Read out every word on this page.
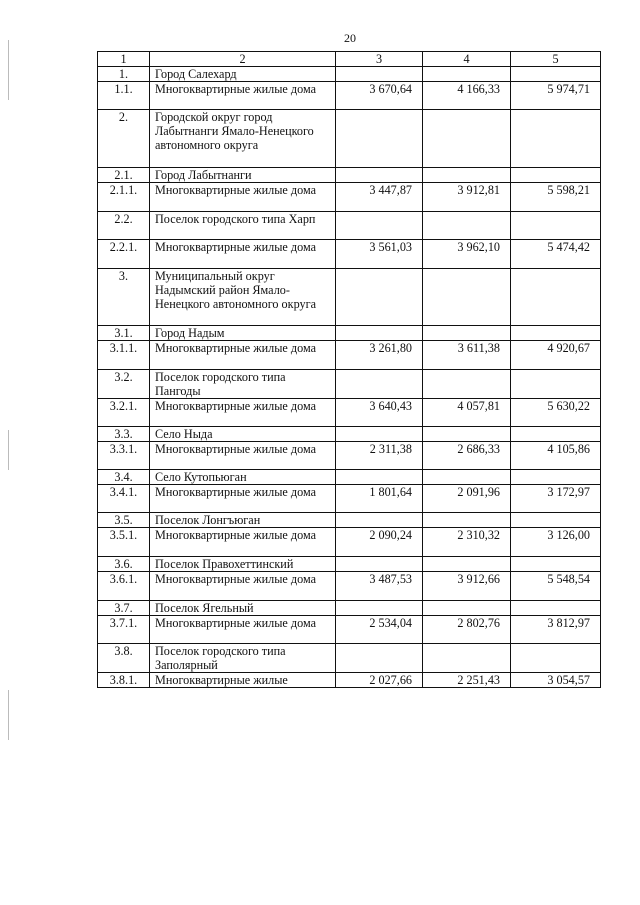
20
1	2	3	4	5
1.	Город Салехард			
1.1.	Многоквартирные жилые дома	3 670,64	4 166,33	5 974,71
2.	Городской округ город Лабытнанги Ямало-Ненецкого автономного округа			
2.1.	Город Лабытнанги			
2.1.1.	Многоквартирные жилые дома	3 447,87	3 912,81	5 598,21
2.2.	Поселок городского типа Харп			
2.2.1.	Многоквартирные жилые дома	3 561,03	3 962,10	5 474,42
3.	Муниципальный округ Надымский район Ямало-Ненецкого автономного округа			
3.1.	Город Надым			
3.1.1.	Многоквартирные жилые дома	3 261,80	3 611,38	4 920,67
3.2.	Поселок городского типа Пангоды			
3.2.1.	Многоквартирные жилые дома	3 640,43	4 057,81	5 630,22
3.3.	Село Ныда			
3.3.1.	Многоквартирные жилые дома	2 311,38	2 686,33	4 105,86
3.4.	Село Кутопьюган			
3.4.1.	Многоквартирные жилые дома	1 801,64	2 091,96	3 172,97
3.5.	Поселок Лонгъюган			
3.5.1.	Многоквартирные жилые дома	2 090,24	2 310,32	3 126,00
3.6.	Поселок Правохеттинский			
3.6.1.	Многоквартирные жилые дома	3 487,53	3 912,66	5 548,54
3.7.	Поселок Ягельный			
3.7.1.	Многоквартирные жилые дома	2 534,04	2 802,76	3 812,97
3.8.	Поселок городского типа Заполярный			
3.8.1.	Многоквартирные жилые	2 027,66	2 251,43	3 054,57
